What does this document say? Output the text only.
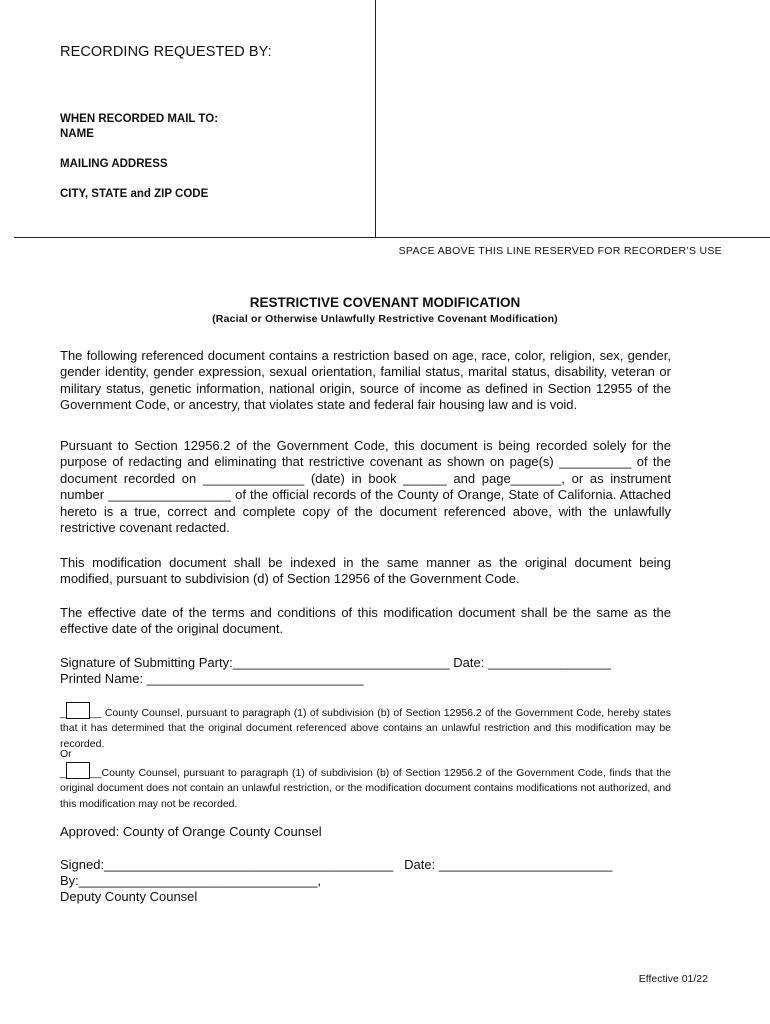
RECORDING REQUESTED BY:
WHEN RECORDED MAIL TO:
NAME
MAILING ADDRESS
CITY, STATE and ZIP CODE
SPACE ABOVE THIS LINE RESERVED FOR RECORDER’S USE
RESTRICTIVE COVENANT MODIFICATION
(Racial or Otherwise Unlawfully Restrictive Covenant Modification)
The following referenced document contains a restriction based on age, race, color, religion, sex, gender, gender identity, gender expression, sexual orientation, familial status, marital status, disability, veteran or military status, genetic information, national origin, source of income as defined in Section 12955 of the Government Code, or ancestry, that violates state and federal fair housing law and is void.
Pursuant to Section 12956.2 of the Government Code, this document is being recorded solely for the purpose of redacting and eliminating that restrictive covenant as shown on page(s) __________ of the document recorded on ______________ (date) in book ______ and page_______, or as instrument number _________________ of the official records of the County of Orange, State of California. Attached hereto is a true, correct and complete copy of the document referenced above, with the unlawfully restrictive covenant redacted.
This modification document shall be indexed in the same manner as the original document being modified, pursuant to subdivision (d) of Section 12956 of the Government Code.
The effective date of the terms and conditions of this modification document shall be the same as the effective date of the original document.
Signature of Submitting Party:______________________________ Date: _________________
Printed Name: ______________________________
_ __ County Counsel, pursuant to paragraph (1) of subdivision (b) of Section 12956.2 of the Government Code, hereby states that it has determined that the original document referenced above contains an unlawful restriction and this modification may be recorded.
Or
_ __County Counsel, pursuant to paragraph (1) of subdivision (b) of Section 12956.2 of the Government Code, finds that the original document does not contain an unlawful restriction, or the modification document contains modifications not authorized, and this modification may not be recorded.
Approved: County of Orange County Counsel
Signed:________________________________________   Date: ________________________
By:_________________________________,
Deputy County Counsel
Effective 01/22
